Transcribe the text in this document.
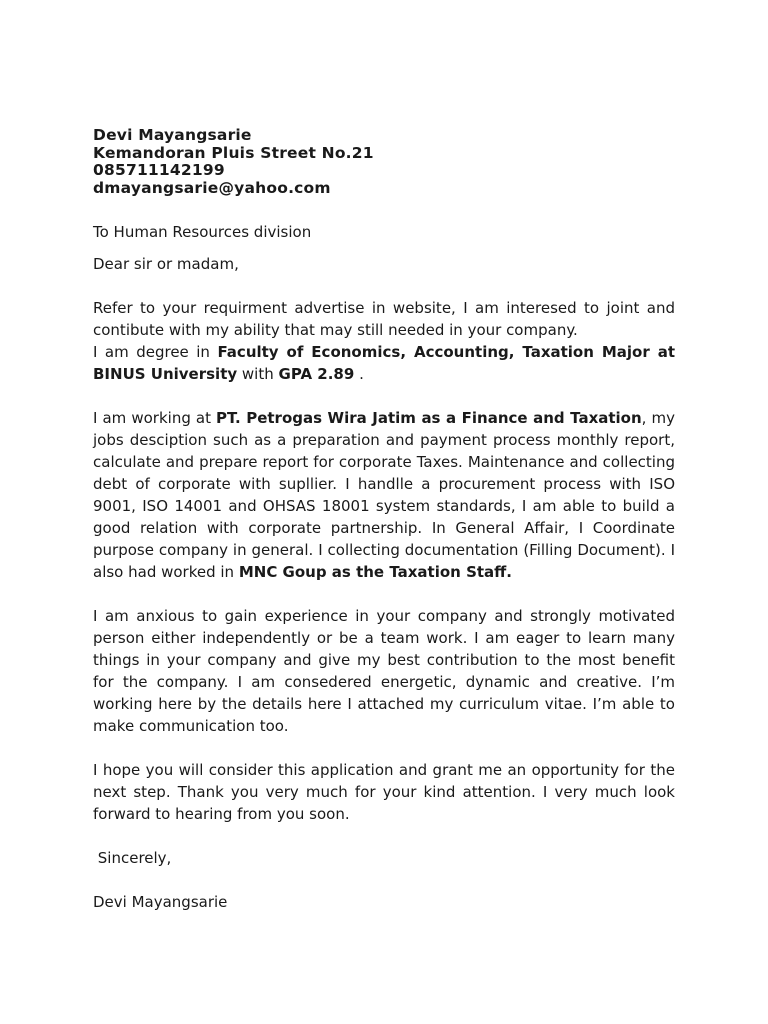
Devi Mayangsarie
Kemandoran Pluis Street No.21
085711142199
dmayangsarie@yahoo.com

To Human Resources division

Dear sir or madam,

Refer to your requirment advertise in website, I am interesed to joint and contibute with my ability that may still needed in your company.
I am degree in Faculty of Economics, Accounting, Taxation Major at BINUS University with GPA 2.89 .

I am working at PT. Petrogas Wira Jatim as a Finance and Taxation, my jobs desciption such as a preparation and payment process monthly report, calculate and prepare report for corporate Taxes. Maintenance and collecting debt of corporate with supllier. I handlle a procurement process with ISO 9001, ISO 14001 and OHSAS 18001 system standards, I am able to build a good relation with corporate partnership. In General Affair, I Coordinate purpose company in general. I collecting documentation (Filling Document). I also had worked in MNC Goup as the Taxation Staff.

I am anxious to gain experience in your company and strongly motivated person either independently or be a team work. I am eager to learn many things in your company and give my best contribution to the most benefit for the company. I am consedered energetic, dynamic and creative. I’m working here by the details here I attached my curriculum vitae. I’m able to make communication too.

I hope you will consider this application and grant me an opportunity for the next step. Thank you very much for your kind attention. I very much look forward to hearing from you soon.

Sincerely,

Devi Mayangsarie
